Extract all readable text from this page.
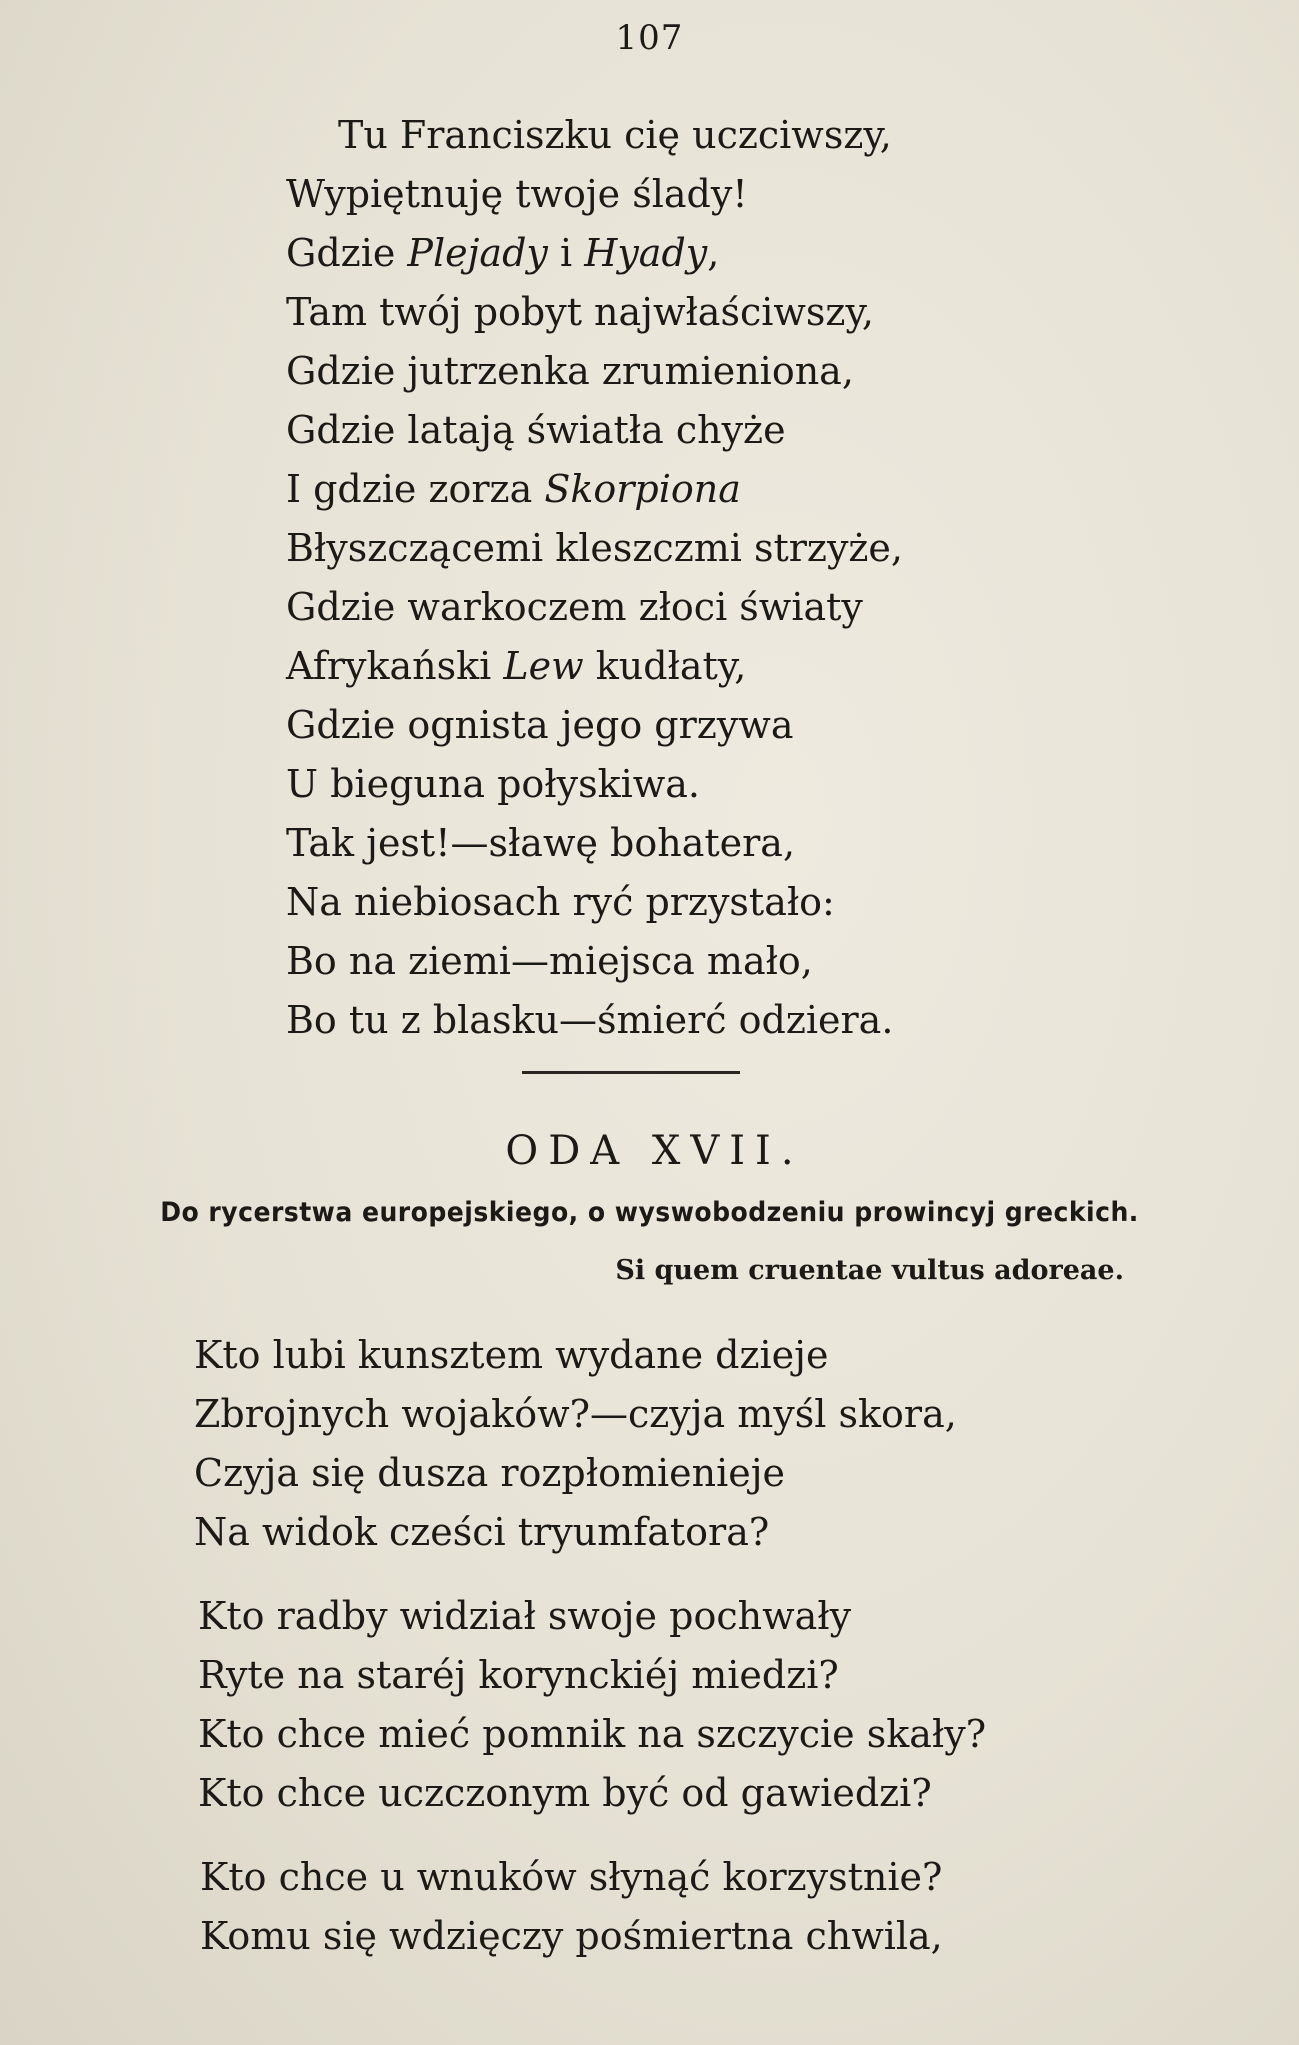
107
Tu Franciszku cię uczciwszy,
Wypiętnuję twoje ślady!
Gdzie Plejady i Hyady,
Tam twój pobyt najwłaściwszy,
Gdzie jutrzenka zrumieniona,
Gdzie latają światła chyże
I gdzie zorza Skorpiona
Błyszczącemi kleszczmi strzyże,
Gdzie warkoczem złoci światy
Afrykański Lew kudłaty,
Gdzie ognista jego grzywa
U bieguna połyskiwa.
Tak jest!—sławę bohatera,
Na niebiosach ryć przystało:
Bo na ziemi—miejsca mało,
Bo tu z blasku—śmierć odziera.
ODA XVII.
Do rycerstwa europejskiego, o wyswobodzeniu prowincyj greckich.
Si quem cruentae vultus adoreae.
Kto lubi kunsztem wydane dzieje
Zbrojnych wojaków?—czyja myśl skora,
Czyja się dusza rozpłomienieje
Na widok cześci tryumfatora?
Kto radby widział swoje pochwały
Ryte na staréj korynckiéj miedzi?
Kto chce mieć pomnik na szczycie skały?
Kto chce uczczonym być od gawiedzi?
Kto chce u wnuków słynąć korzystnie?
Komu się wdzięczy pośmiertna chwila,
